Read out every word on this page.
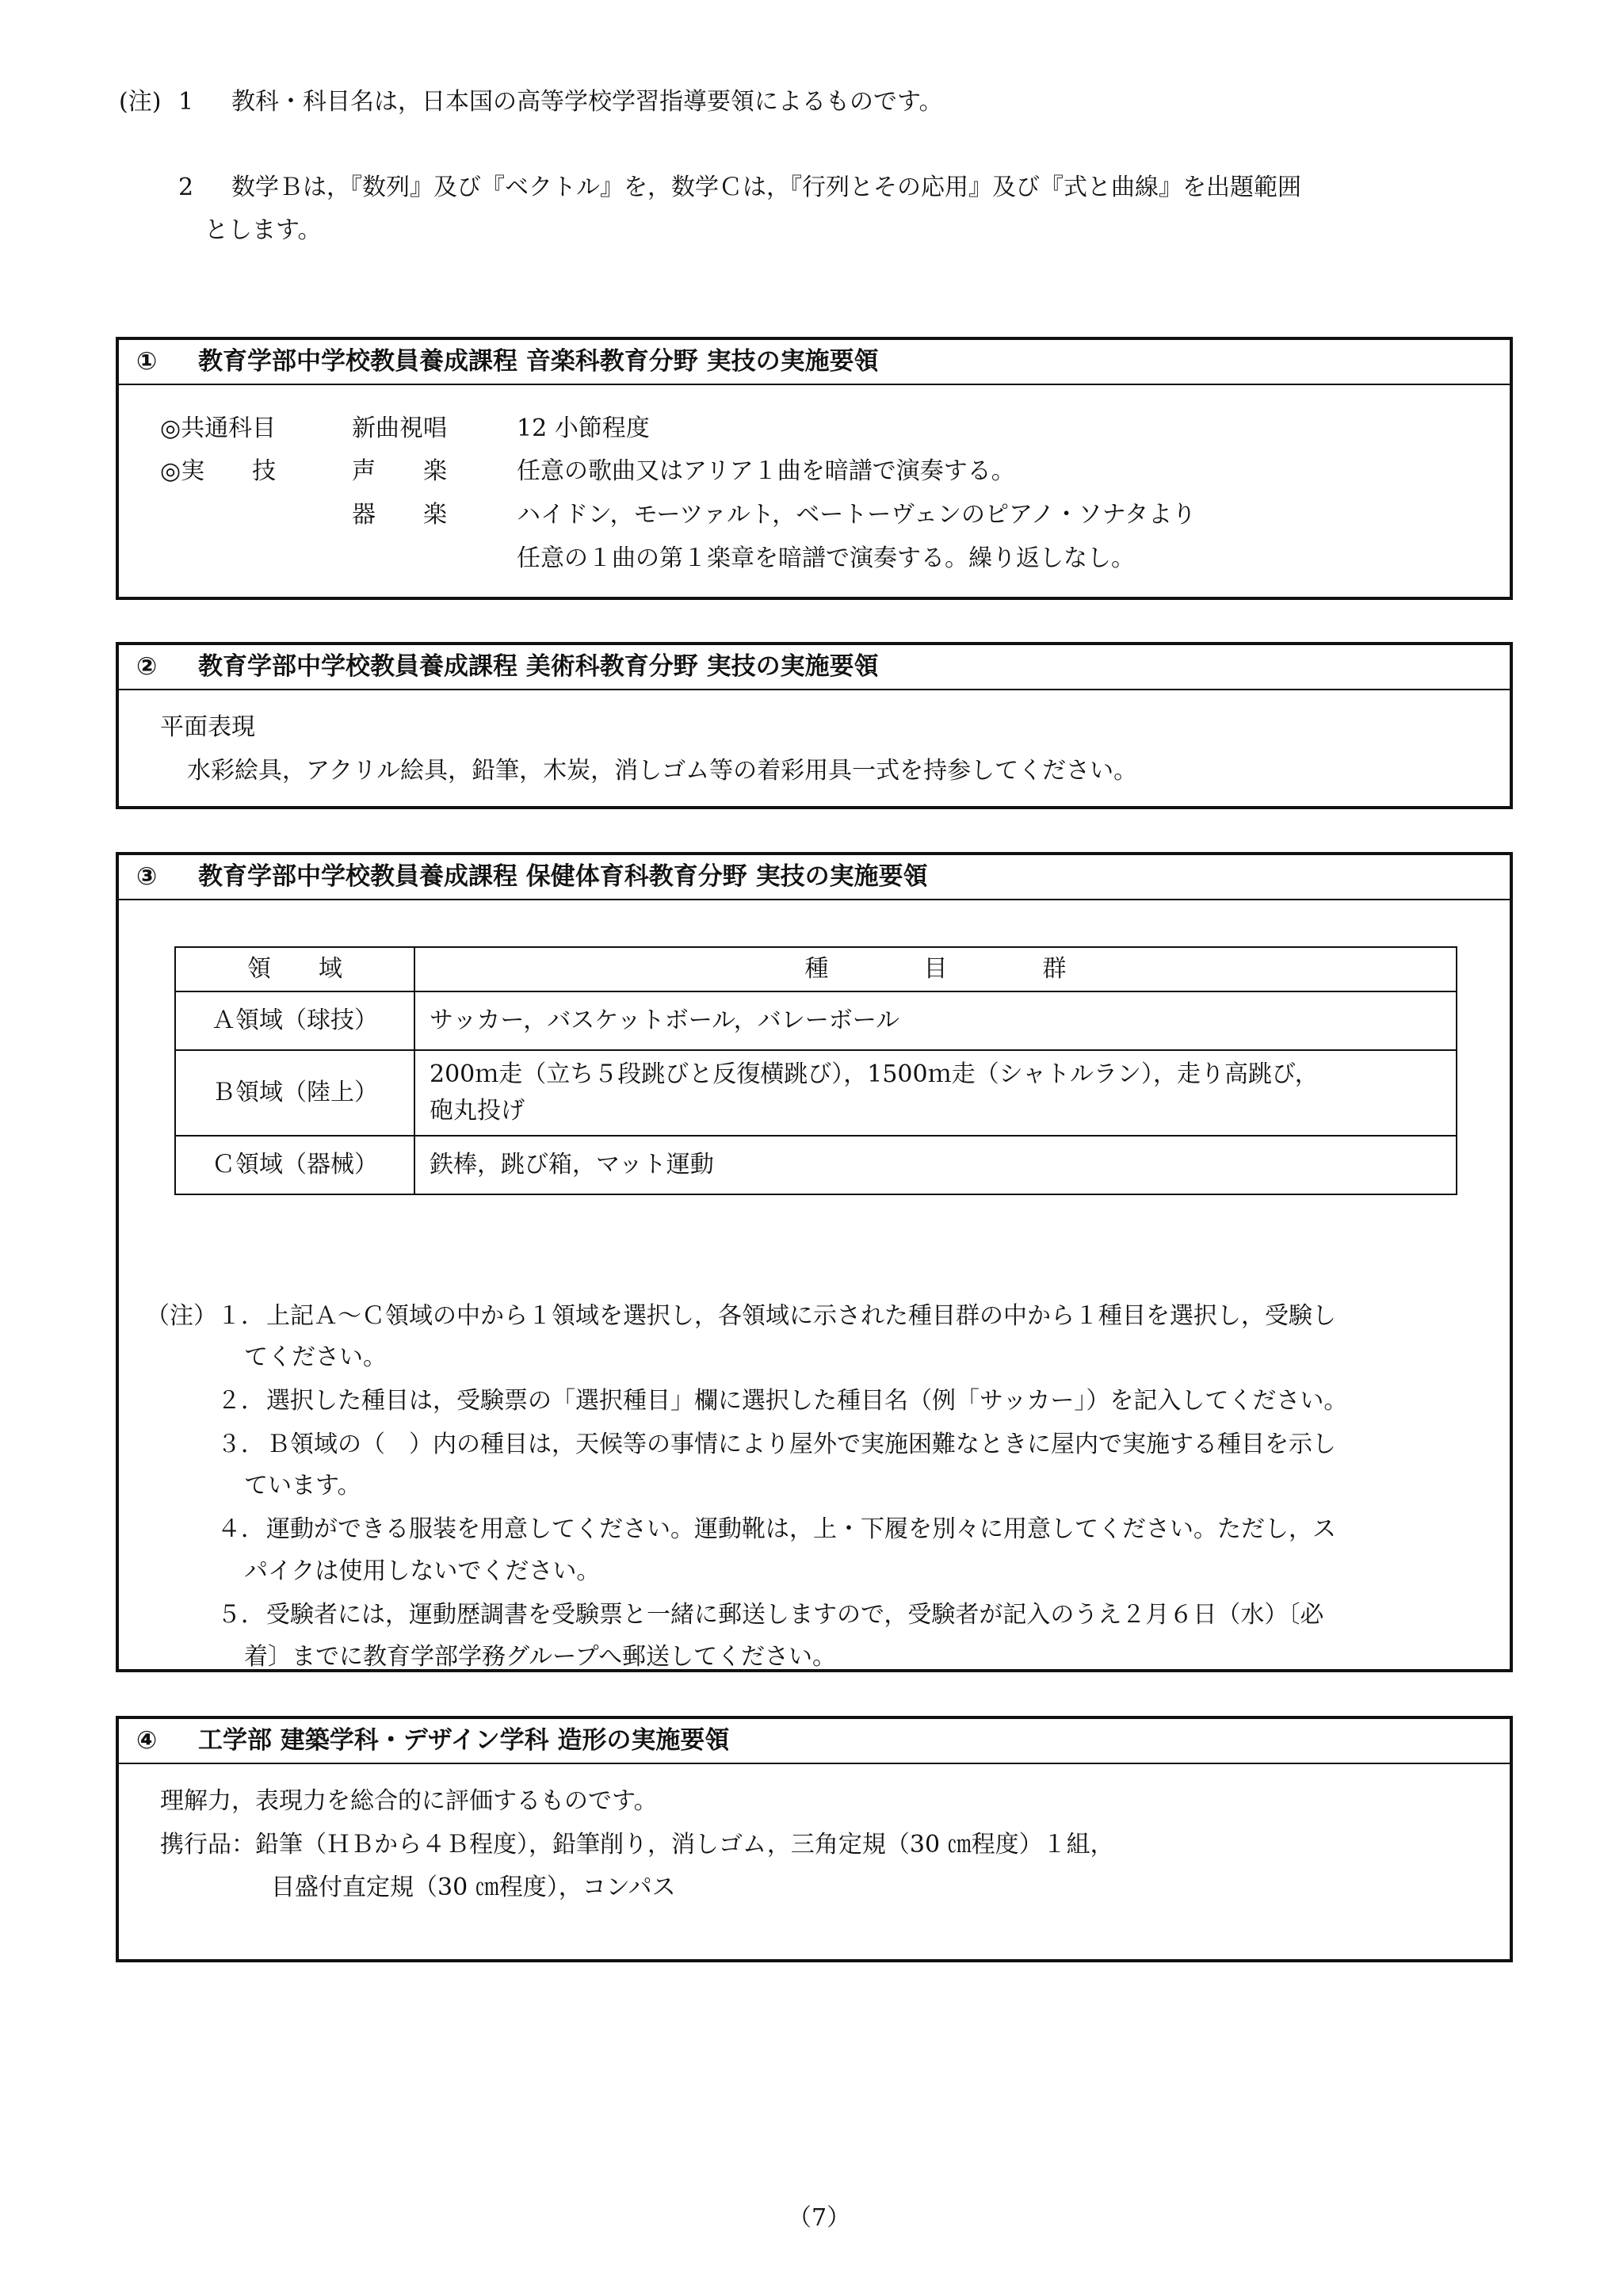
(注) 1 教科・科目名は，日本国の高等学校学習指導要領によるものです。
2 数学Ｂは，『数列』及び『ベクトル』を，数学Ｃは，『行列とその応用』及び『式と曲線』を出題範囲
とします。
① 教育学部中学校教員養成課程 音楽科教育分野 実技の実施要領
◎共通科目	新曲視唱	12 小節程度
◎実　　技	声　　楽	任意の歌曲又はアリア１曲を暗譜で演奏する。
器　　楽	ハイドン，モーツァルト，ベートーヴェンのピアノ・ソナタより
任意の１曲の第１楽章を暗譜で演奏する。繰り返しなし。
② 教育学部中学校教員養成課程 美術科教育分野 実技の実施要領
平面表現
水彩絵具，アクリル絵具，鉛筆，木炭，消しゴム等の着彩用具一式を持参してください。
③ 教育学部中学校教員養成課程 保健体育科教育分野 実技の実施要領
領　　域	種　　　　目　　　　群
Ａ領域（球技）	サッカー，バスケットボール，バレーボール
Ｂ領域（陸上）	200ｍ走（立ち５段跳びと反復横跳び），1500ｍ走（シャトルラン），走り高跳び，
砲丸投げ

Ｃ領域（器械）	鉄棒，跳び箱，マット運動
（注） １． 上記Ａ～Ｃ領域の中から１領域を選択し，各領域に示された種目群の中から１種目を選択し，受験し
てください。
２． 選択した種目は，受験票の「選択種目」欄に選択した種目名（例「サッカー」）を記入してください。
３． Ｂ領域の（　）内の種目は，天候等の事情により屋外で実施困難なときに屋内で実施する種目を示し
ています。
４． 運動ができる服装を用意してください。運動靴は，上・下履を別々に用意してください。ただし，ス
パイクは使用しないでください。
５． 受験者には，運動歴調書を受験票と一緒に郵送しますので，受験者が記入のうえ２月６日（水）〔必
着〕までに教育学部学務グループへ郵送してください。
④ 工学部 建築学科・デザイン学科 造形の実施要領
理解力，表現力を総合的に評価するものです。
携行品：鉛筆（ＨＢから４Ｂ程度），鉛筆削り，消しゴム，三角定規（30 ㎝程度）１組，
目盛付直定規（30 ㎝程度），コンパス
（7）
